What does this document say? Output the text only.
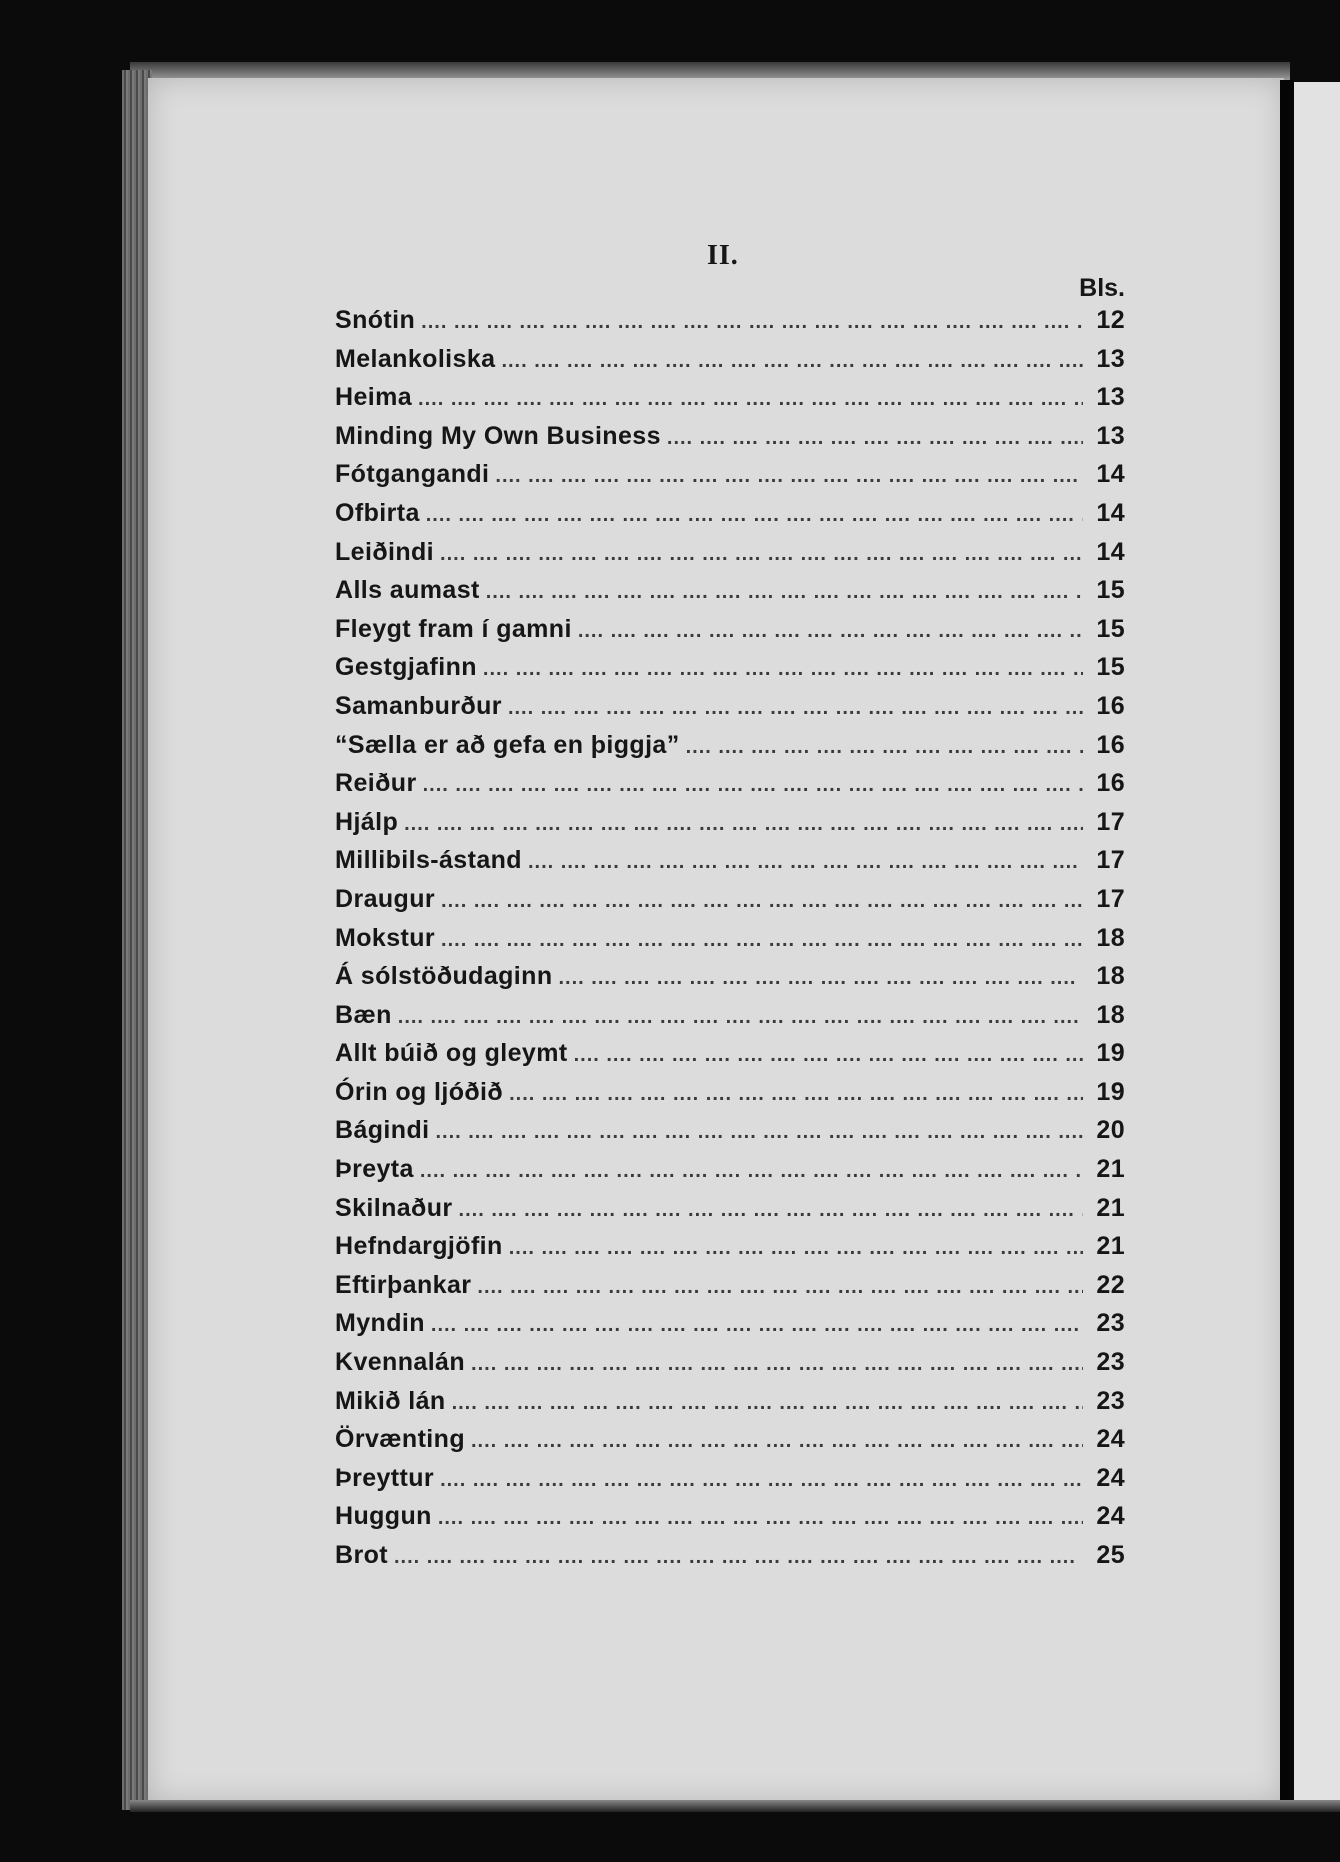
II.
Bls.
Snótin ....	12
Melankoliska ....	13
Heima ....	13
Minding My Own Business ....	13
Fótgangandi ....	14
Ofbirta ....	14
Leiðindi ....	14
Alls aumast ....	15
Fleygt fram í gamni ....	15
Gestgjafinn ....	15
Samanburður ....	16
“Sælla er að gefa en þiggja” ....	16
Reiður ....	16
Hjálp ....	17
Millibils-ástand ....	17
Draugur ....	17
Mokstur ....	18
Á sólstöðudaginn ....	18
Bæn ....	18
Allt búið og gleymt ....	19
Órin og ljóðið ....	19
Bágindi ....	20
Þreyta ....	21
Skilnaður ....	21
Hefndargjöfin ....	21
Eftirþankar ....	22
Myndin ....	23
Kvennalán ....	23
Mikið lán ....	23
Örvænting ....	24
Þreyttur ....	24
Huggun ....	24
Brot ....	25
